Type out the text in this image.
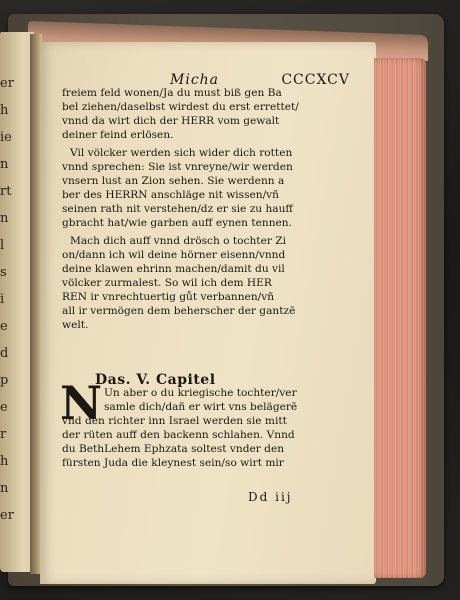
er
h
ie
n
rt
n
l
s
i
e
d
p
e
r
h
n
er
Micha	CCCXCV
freiem feld wonen/Ja du must biß gen Ba
bel ziehen/daselbst wirdest du erst errettet/
vnnd da wirt dich der HERR vom gewalt
deiner feind erlösen.
Vil völcker werden sich wider dich rotten
vnnd sprechen: Sie ist vnreyne/wir werden
vnsern lust an Zion sehen. Sie werdenn a
ber des HERRN anschläge nit wissen/vñ
seinen rath nit verstehen/dz er sie zu hauff
gbracht hat/wie garben auff eynen tennen.
Mach dich auff vnnd drösch o tochter Zi
on/dann ich wil deine hörner eisenn/vnnd
deine klawen ehrinn machen/damit du vil
völcker zurmalest. So wil ich dem HER
REN ir vnrechtuertig gůt verbannen/vñ
all ir vermögen dem beherscher der gantzē
welt.
Das. V. Capitel
N Un aber o du kriegische tochter/ver
samle dich/dañ er wirt vns belägerē
vnd den richter inn Israel werden sie mitt
der rüten auff den backenn schlahen. Vnnd
du BethLehem Ephzata soltest vnder den
fürsten Juda die kleynest sein/so wirt mir
Dd iij
